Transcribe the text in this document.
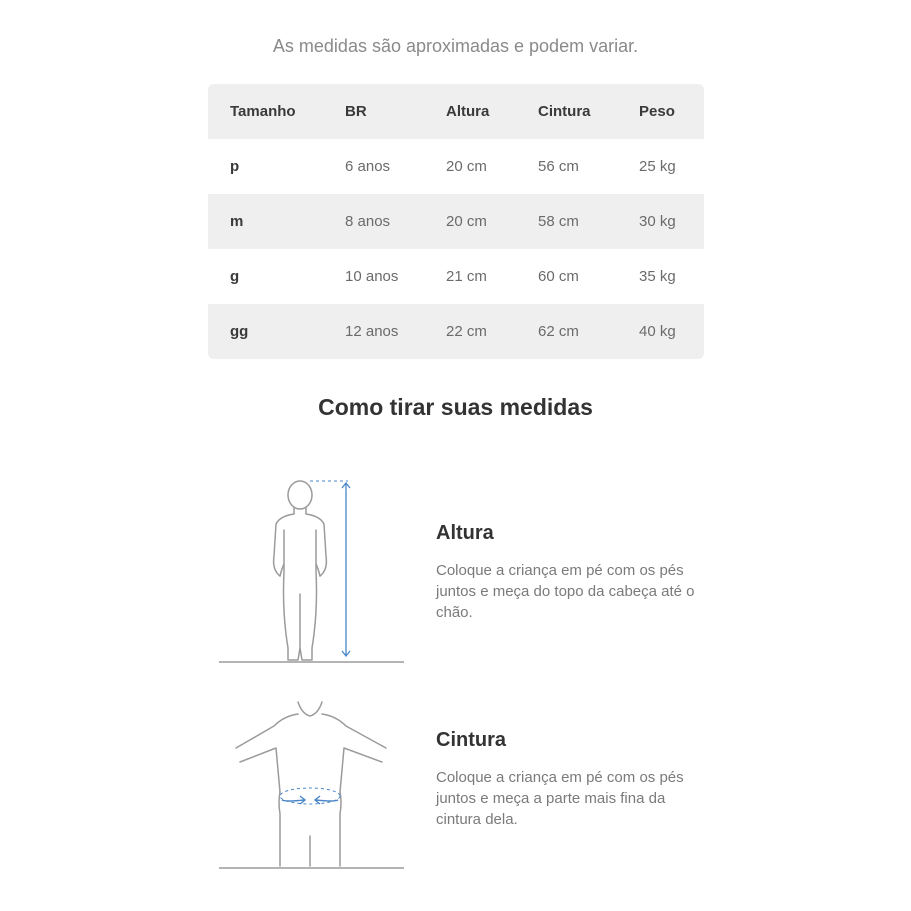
As medidas são aproximadas e podem variar.
Tamanho	BR	Altura	Cintura	Peso
p	6 anos	20 cm	56 cm	25 kg
m	8 anos	20 cm	58 cm	30 kg
g	10 anos	21 cm	60 cm	35 kg
gg	12 anos	22 cm	62 cm	40 kg
Como tirar suas medidas
Altura
Coloque a criança em pé com os pés juntos e meça do topo da cabeça até o chão.
Cintura
Coloque a criança em pé com os pés juntos e meça a parte mais fina da cintura dela.
